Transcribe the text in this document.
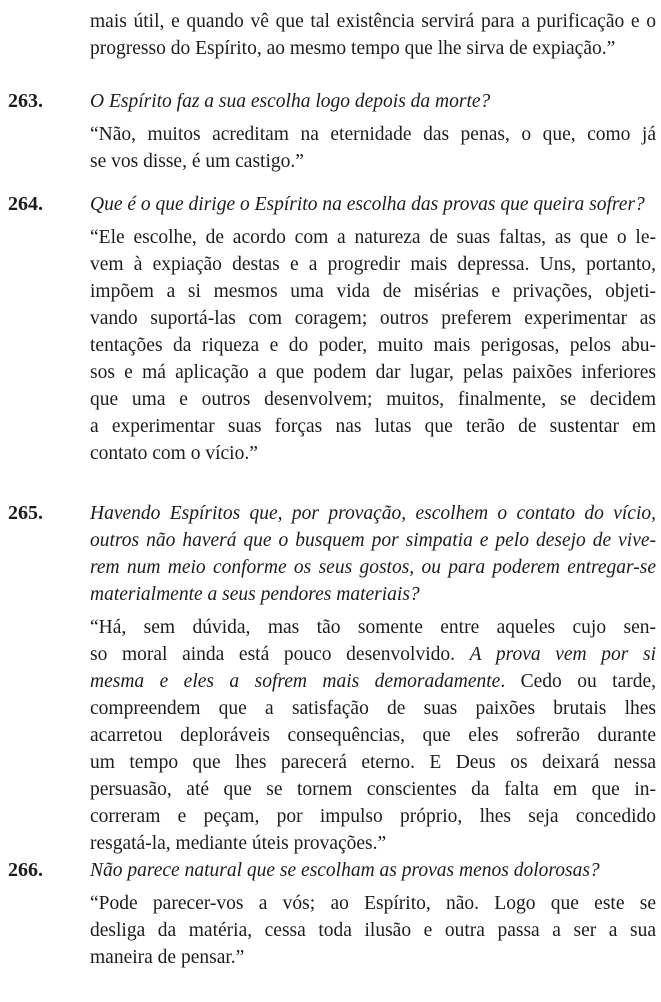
mais útil, e quando vê que tal existência servirá para a purificação e o
progresso do Espírito, ao mesmo tempo que lhe sirva de expiação.”
263. O Espírito faz a sua escolha logo depois da morte?
“Não, muitos acreditam na eternidade das penas, o que, como já
se vos disse, é um castigo.”
264. Que é o que dirige o Espírito na escolha das provas que queira sofrer?
“Ele escolhe, de acordo com a natureza de suas faltas, as que o le-
vem à expiação destas e a progredir mais depressa. Uns, portanto,
impõem a si mesmos uma vida de misérias e privações, objeti-
vando suportá-las com coragem; outros preferem experimentar as
tentações da riqueza e do poder, muito mais perigosas, pelos abu-
sos e má aplicação a que podem dar lugar, pelas paixões inferiores
que uma e outros desenvolvem; muitos, finalmente, se decidem
a experimentar suas forças nas lutas que terão de sustentar em
contato com o vício.”
265. Havendo Espíritos que, por provação, escolhem o contato do vício,
outros não haverá que o busquem por simpatia e pelo desejo de vive-
rem num meio conforme os seus gostos, ou para poderem entregar-se
materialmente a seus pendores materiais?
“Há, sem dúvida, mas tão somente entre aqueles cujo sen-
so moral ainda está pouco desenvolvido. A prova vem por si
mesma e eles a sofrem mais demoradamente. Cedo ou tarde,
compreendem que a satisfação de suas paixões brutais lhes
acarretou deploráveis consequências, que eles sofrerão durante
um tempo que lhes parecerá eterno. E Deus os deixará nessa
persuasão, até que se tornem conscientes da falta em que in-
correram e peçam, por impulso próprio, lhes seja concedido
resgatá-la, mediante úteis provações.”
266. Não parece natural que se escolham as provas menos dolorosas?
“Pode parecer-vos a vós; ao Espírito, não. Logo que este se
desliga da matéria, cessa toda ilusão e outra passa a ser a sua
maneira de pensar.”
